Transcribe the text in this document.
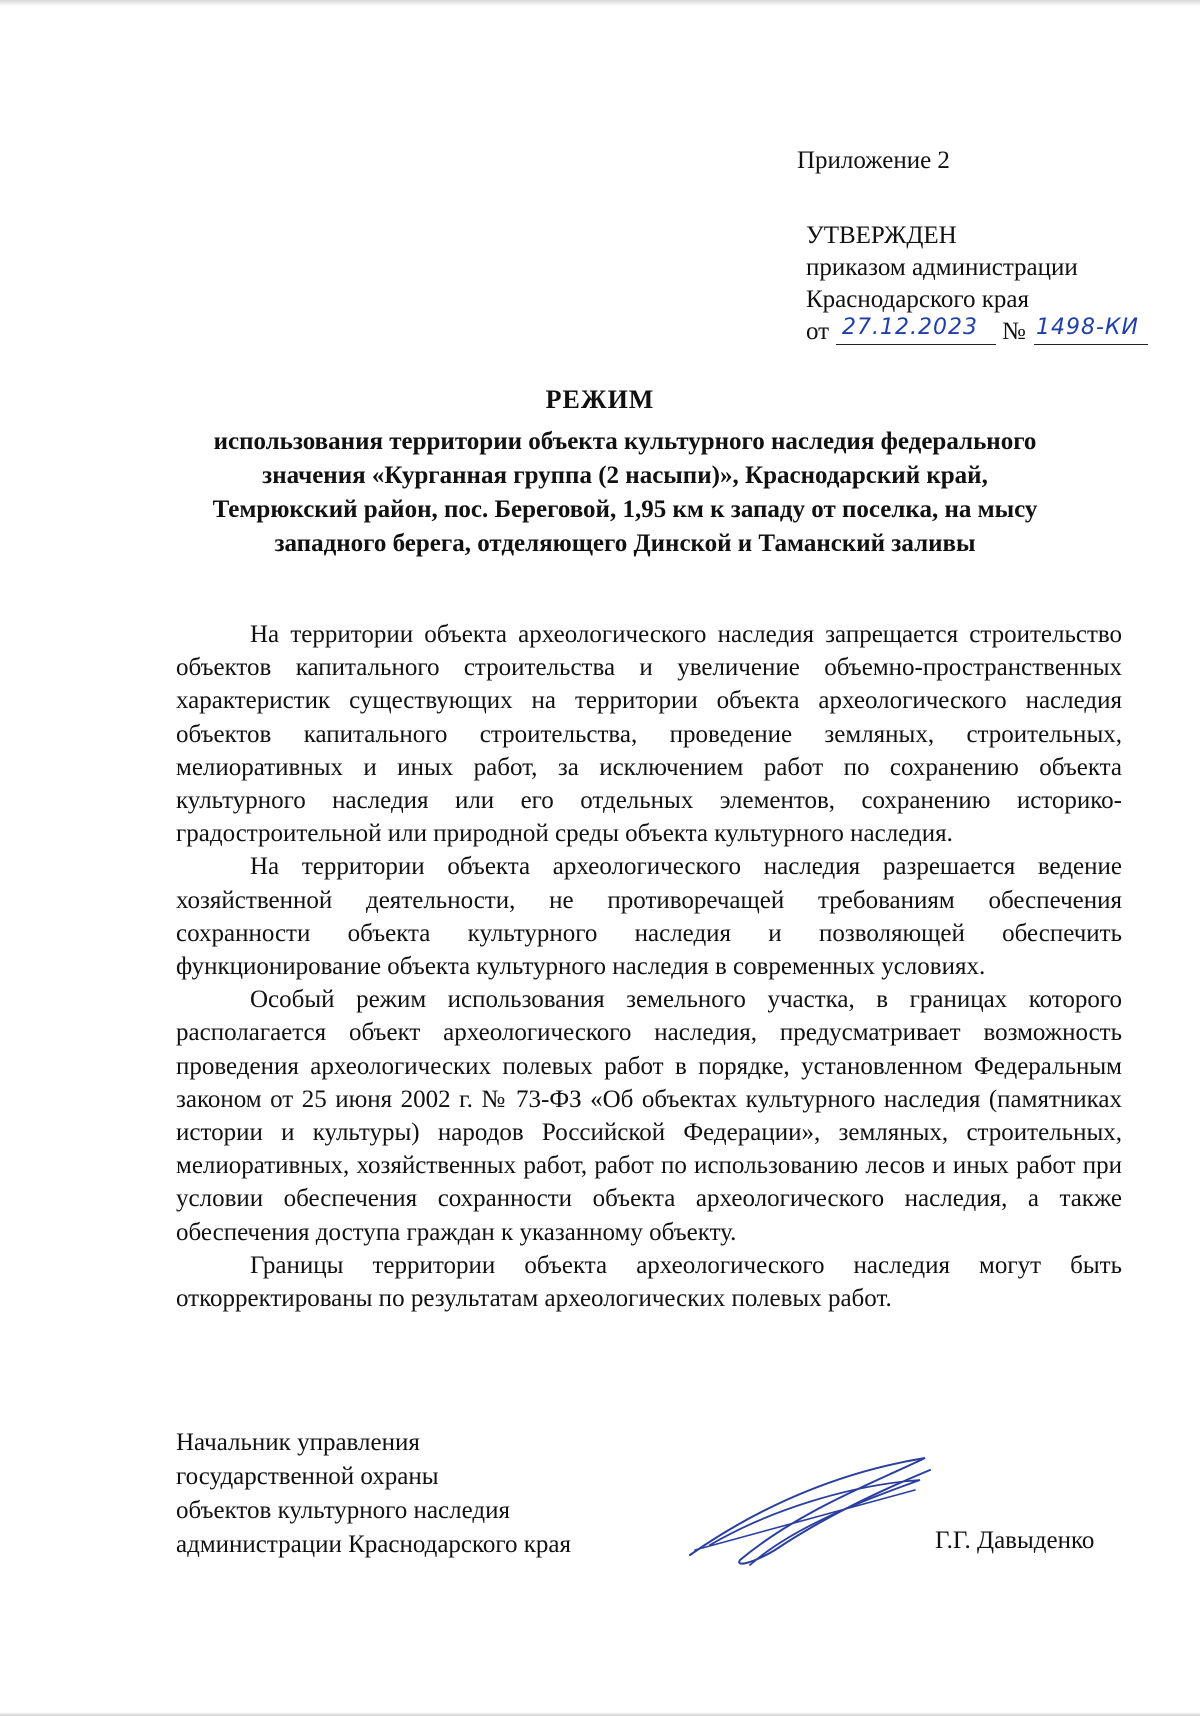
Приложение 2
УТВЕРЖДЕН
приказом администрации
Краснодарского края
от 27.12.2023 № 1498-КИ
РЕЖИМ
использования территории объекта культурного наследия федерального
значения «Курганная группа (2 насыпи)», Краснодарский край,
Темрюкский район, пос. Береговой, 1,95 км к западу от поселка, на мысу
западного берега, отделяющего Динской и Таманский заливы

На территории объекта археологического наследия запрещается строительство объектов капитального строительства и увеличение объемно-пространственных характеристик существующих на территории объекта археологического наследия объектов капитального строительства, проведение земляных, строительных, мелиоративных и иных работ, за исключением работ по сохранению объекта культурного наследия или его отдельных элементов, сохранению историко-градостроительной или природной среды объекта культурного наследия.

На территории объекта археологического наследия разрешается ведение хозяйственной деятельности, не противоречащей требованиям обеспечения сохранности объекта культурного наследия и позволяющей обеспечить функционирование объекта культурного наследия в современных условиях.

Особый режим использования земельного участка, в границах которого располагается объект археологического наследия, предусматривает возможность проведения археологических полевых работ в порядке, установленном Федеральным законом от 25 июня 2002 г. № 73-ФЗ «Об объектах культурного наследия (памятниках истории и культуры) народов Российской Федерации», земляных, строительных, мелиоративных, хозяйственных работ, работ по использованию лесов и иных работ при условии обеспечения сохранности объекта археологического наследия, а также обеспечения доступа граждан к указанному объекту.

Границы территории объекта археологического наследия могут быть откорректированы по результатам археологических полевых работ.

Начальник управления
государственной охраны
объектов культурного наследия
администрации Краснодарского края	Г.Г. Давыденко
